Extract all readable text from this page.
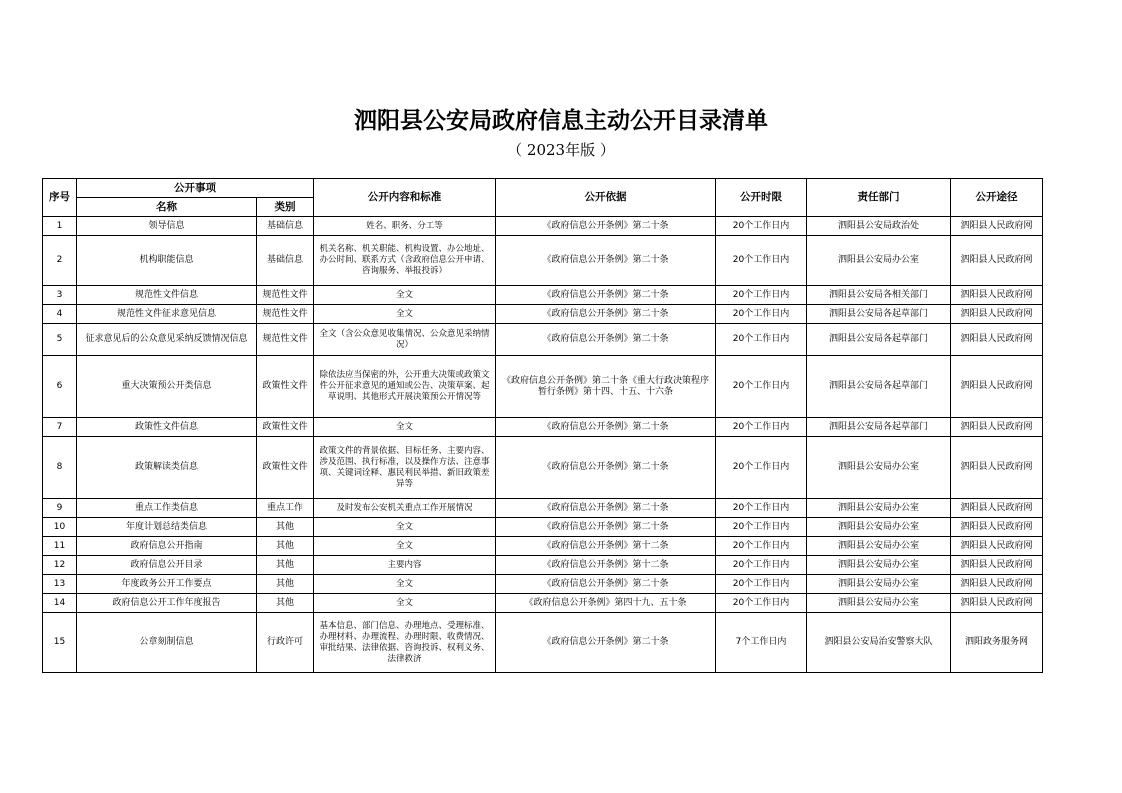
泗阳县公安局政府信息主动公开目录清单
（ 2023年版 ）
序号	公开事项		公开内容和标准	公开依据	公开时限	责任部门	公开途径
	名称	类别					
1	领导信息	基础信息	姓名、职务、分工等	《政府信息公开条例》第二十条	20个工作日内	泗阳县公安局政治处	泗阳县人民政府网
2	机构职能信息	基础信息	机关名称、机关职能、机构设置、办公地址、办公时间、联系方式（含政府信息公开申请、咨询服务、举报投诉）	《政府信息公开条例》第二十条	20个工作日内	泗阳县公安局办公室	泗阳县人民政府网
3	规范性文件信息	规范性文件	全文	《政府信息公开条例》第二十条	20个工作日内	泗阳县公安局各相关部门	泗阳县人民政府网
4	规范性文件征求意见信息	规范性文件	全文	《政府信息公开条例》第二十条	20个工作日内	泗阳县公安局各起草部门	泗阳县人民政府网
5	征求意见后的公众意见采纳反馈情况信息	规范性文件	全文（含公众意见收集情况、公众意见采纳情况）	《政府信息公开条例》第二十条	20个工作日内	泗阳县公安局各起草部门	泗阳县人民政府网
6	重大决策预公开类信息	政策性文件	除依法应当保密的外，公开重大决策或政策文件公开征求意见的通知或公告、决策草案、起草说明、其他形式开展决策预公开情况等	《政府信息公开条例》第二十条《重大行政决策程序暂行条例》第十四、十五、十六条	20个工作日内	泗阳县公安局各起草部门	泗阳县人民政府网
7	政策性文件信息	政策性文件	全文	《政府信息公开条例》第二十条	20个工作日内	泗阳县公安局各起草部门	泗阳县人民政府网
8	政策解读类信息	政策性文件	政策文件的背景依据、目标任务、主要内容、涉及范围、执行标准，以及操作方法、注意事项、关键词诠释、惠民利民举措、新旧政策差异等	《政府信息公开条例》第二十条	20个工作日内	泗阳县公安局办公室	泗阳县人民政府网
9	重点工作类信息	重点工作	及时发布公安机关重点工作开展情况	《政府信息公开条例》第二十条	20个工作日内	泗阳县公安局办公室	泗阳县人民政府网
10	年度计划总结类信息	其他	全文	《政府信息公开条例》第二十条	20个工作日内	泗阳县公安局办公室	泗阳县人民政府网
11	政府信息公开指南	其他	全文	《政府信息公开条例》第十二条	20个工作日内	泗阳县公安局办公室	泗阳县人民政府网
12	政府信息公开目录	其他	主要内容	《政府信息公开条例》第十二条	20个工作日内	泗阳县公安局办公室	泗阳县人民政府网
13	年度政务公开工作要点	其他	全文	《政府信息公开条例》第二十条	20个工作日内	泗阳县公安局办公室	泗阳县人民政府网
14	政府信息公开工作年度报告	其他	全文	《政府信息公开条例》第四十九、五十条	20个工作日内	泗阳县公安局办公室	泗阳县人民政府网
15	公章刻制信息	行政许可	基本信息、部门信息、办理地点、受理标准、办理材料、办理流程、办理时限、收费情况、审批结果、法律依据、咨询投诉、权利义务、法律救济	《政府信息公开条例》第二十条	7个工作日内	泗阳县公安局治安警察大队	泗阳政务服务网
